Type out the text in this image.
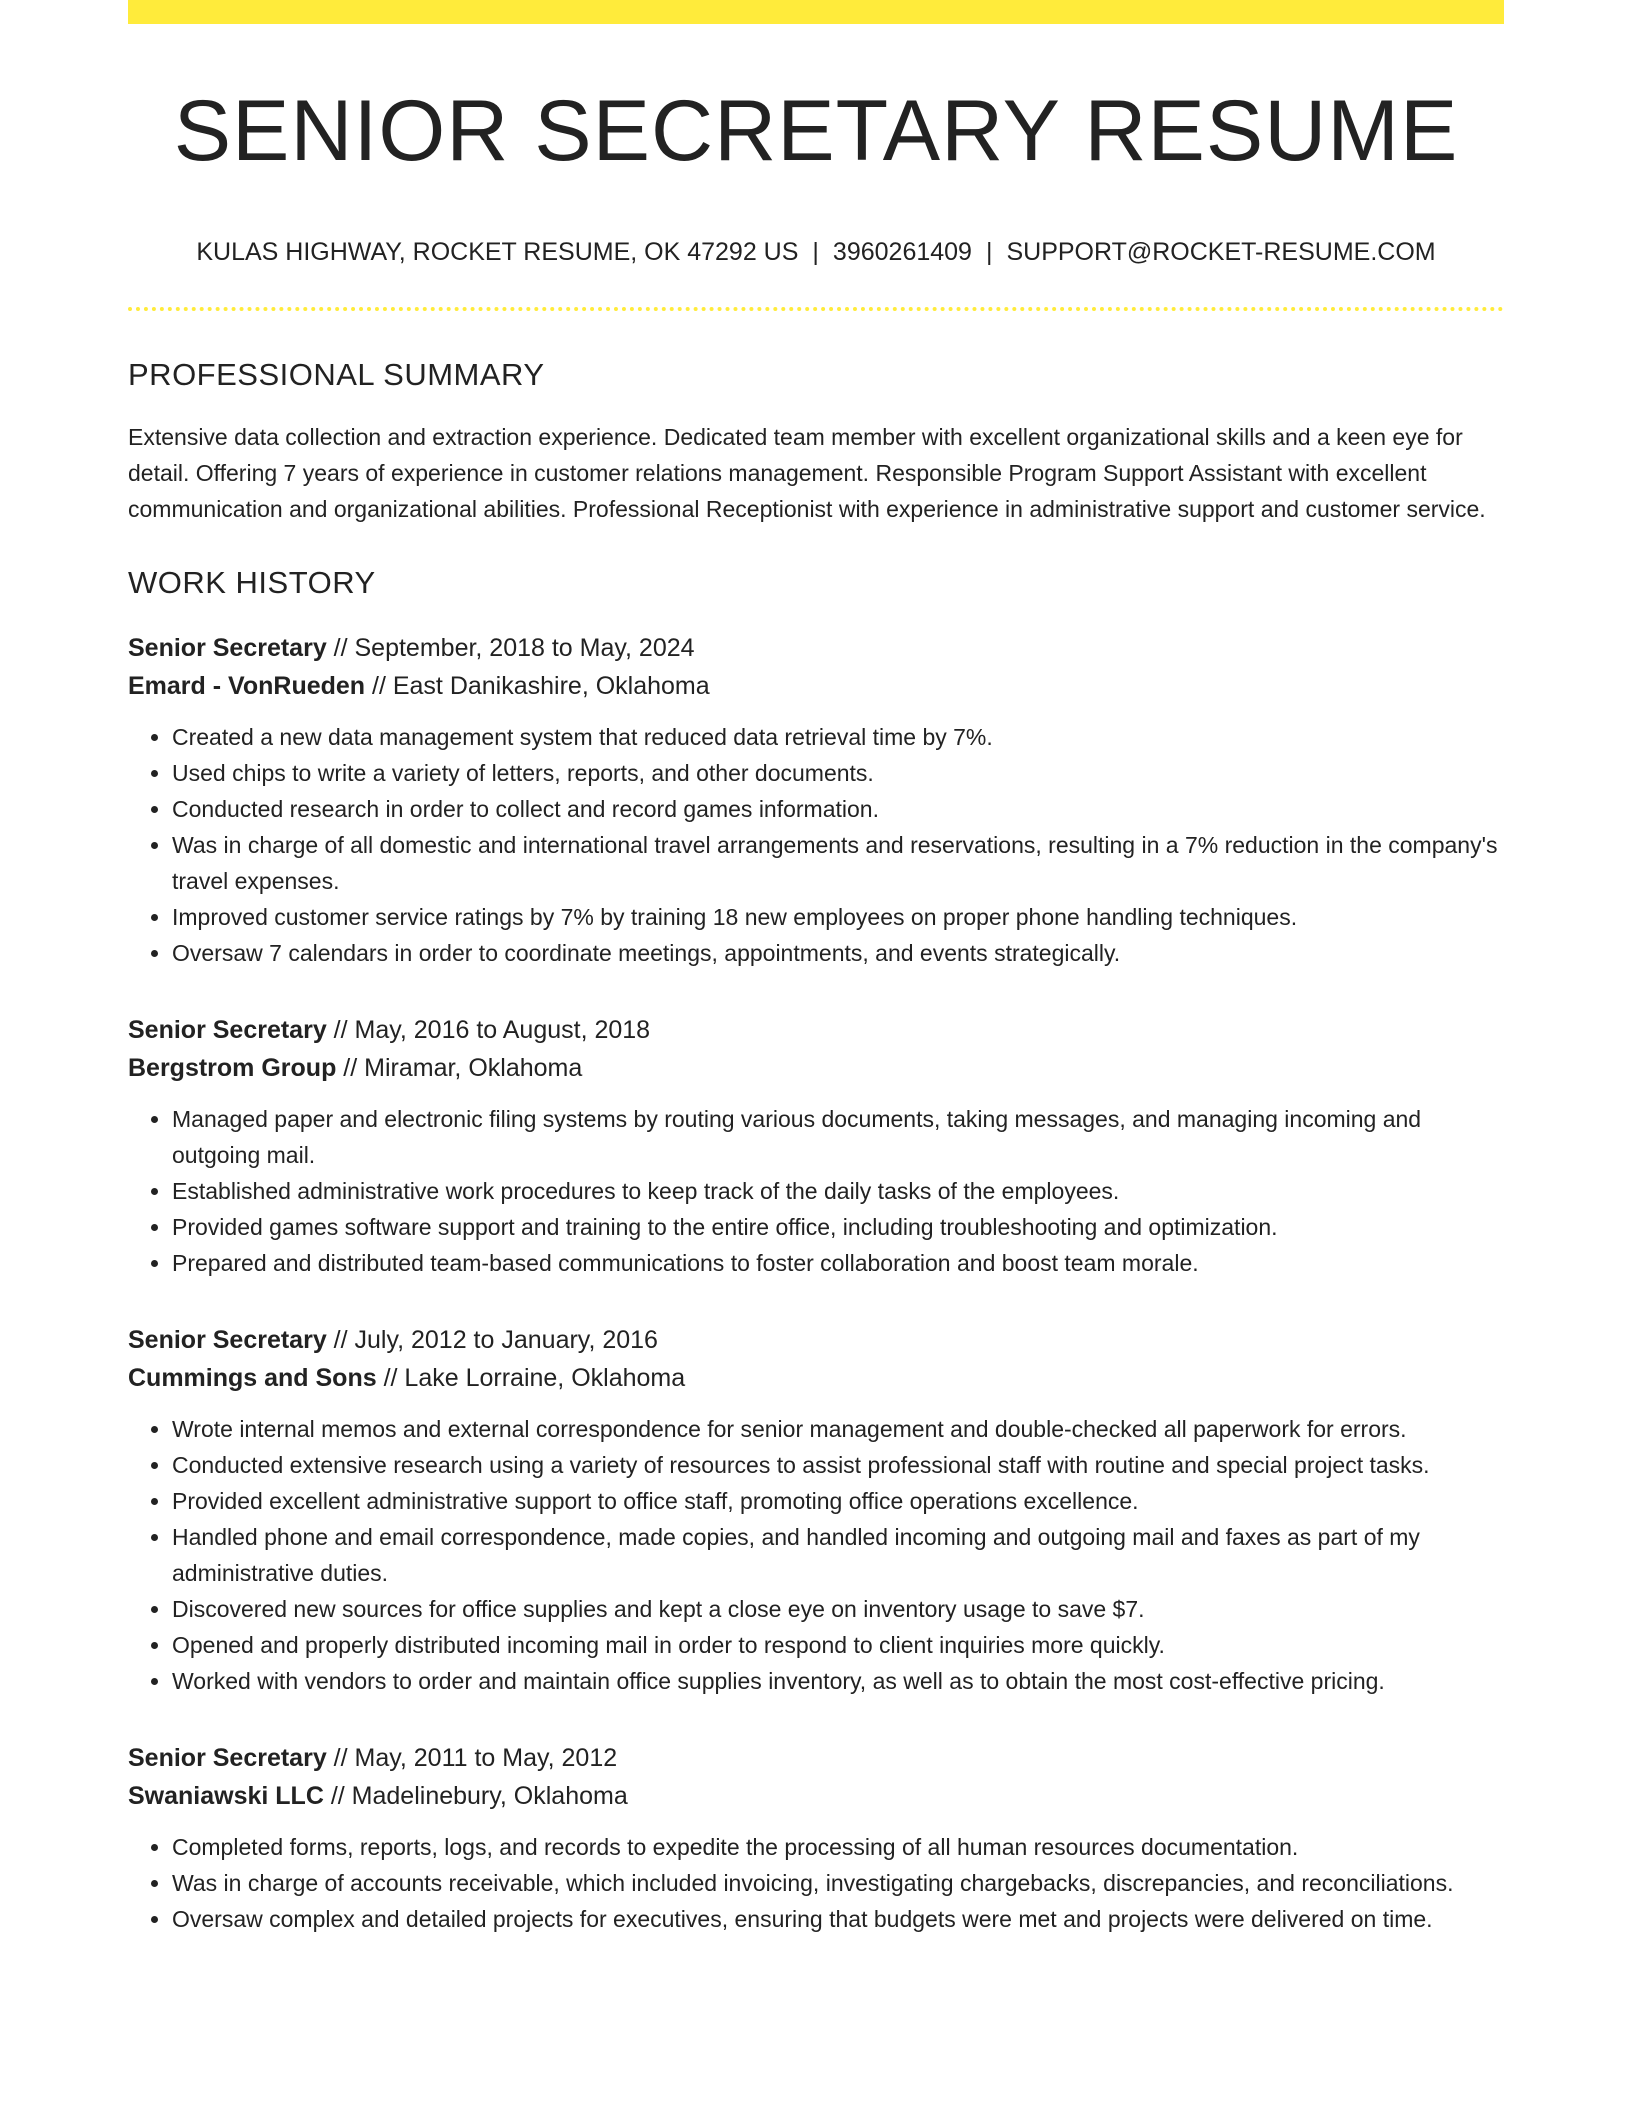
SENIOR SECRETARY RESUME
KULAS HIGHWAY, ROCKET RESUME, OK 47292 US | 3960261409 | SUPPORT@ROCKET-RESUME.COM
PROFESSIONAL SUMMARY

Extensive data collection and extraction experience. Dedicated team member with excellent organizational skills and a keen eye for detail. Offering 7 years of experience in customer relations management. Responsible Program Support Assistant with excellent communication and organizational abilities. Professional Receptionist with experience in administrative support and customer service.

WORK HISTORY
Senior Secretary // September, 2018 to May, 2024
Emard - VonRueden // East Danikashire, Oklahoma
• Created a new data management system that reduced data retrieval time by 7%.
• Used chips to write a variety of letters, reports, and other documents.
• Conducted research in order to collect and record games information.
• Was in charge of all domestic and international travel arrangements and reservations, resulting in a 7% reduction in the company's travel expenses.
• Improved customer service ratings by 7% by training 18 new employees on proper phone handling techniques.
• Oversaw 7 calendars in order to coordinate meetings, appointments, and events strategically.
Senior Secretary // May, 2016 to August, 2018
Bergstrom Group // Miramar, Oklahoma
• Managed paper and electronic filing systems by routing various documents, taking messages, and managing incoming and outgoing mail.
• Established administrative work procedures to keep track of the daily tasks of the employees.
• Provided games software support and training to the entire office, including troubleshooting and optimization.
• Prepared and distributed team-based communications to foster collaboration and boost team morale.
Senior Secretary // July, 2012 to January, 2016
Cummings and Sons // Lake Lorraine, Oklahoma
• Wrote internal memos and external correspondence for senior management and double-checked all paperwork for errors.
• Conducted extensive research using a variety of resources to assist professional staff with routine and special project tasks.
• Provided excellent administrative support to office staff, promoting office operations excellence.
• Handled phone and email correspondence, made copies, and handled incoming and outgoing mail and faxes as part of my administrative duties.
• Discovered new sources for office supplies and kept a close eye on inventory usage to save $7.
• Opened and properly distributed incoming mail in order to respond to client inquiries more quickly.
• Worked with vendors to order and maintain office supplies inventory, as well as to obtain the most cost-effective pricing.
Senior Secretary // May, 2011 to May, 2012
Swaniawski LLC // Madelinebury, Oklahoma
• Completed forms, reports, logs, and records to expedite the processing of all human resources documentation.
• Was in charge of accounts receivable, which included invoicing, investigating chargebacks, discrepancies, and reconciliations.
• Oversaw complex and detailed projects for executives, ensuring that budgets were met and projects were delivered on time.
